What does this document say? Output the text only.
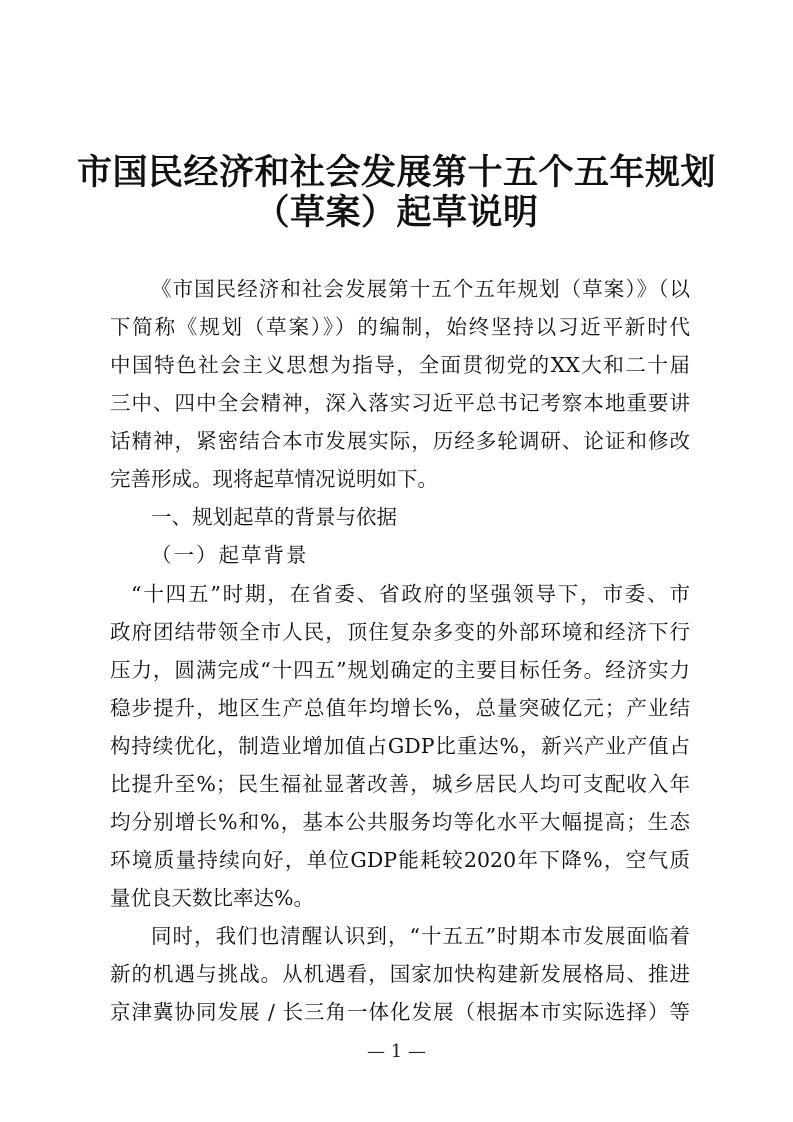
市国民经济和社会发展第十五个五年规划
（草案）起草说明

《市国民经济和社会发展第十五个五年规划（草案）》（以

下简称《规划（草案）》）的编制，始终坚持以习近平新时代

中国特色社会主义思想为指导，全面贯彻党的XX大和二十届

三中、四中全会精神，深入落实习近平总书记考察本地重要讲

话精神，紧密结合本市发展实际，历经多轮调研、论证和修改

完善形成。现将起草情况说明如下。

一、规划起草的背景与依据

（一）起草背景

“十四五”时期，在省委、省政府的坚强领导下，市委、市

政府团结带领全市人民，顶住复杂多变的外部环境和经济下行

压力，圆满完成“十四五”规划确定的主要目标任务。经济实力

稳步提升，地区生产总值年均增长%，总量突破亿元；产业结

构持续优化，制造业增加值占GDP比重达%，新兴产业产值占

比提升至%；民生福祉显著改善，城乡居民人均可支配收入年

均分别增长%和%，基本公共服务均等化水平大幅提高；生态

环境质量持续向好，单位GDP能耗较2020年下降%，空气质

量优良天数比率达%。

同时，我们也清醒认识到，“十五五”时期本市发展面临着

新的机遇与挑战。从机遇看，国家加快构建新发展格局、推进

京津冀协同发展 / 长三角一体化发展（根据本市实际选择）等

— 1 —
